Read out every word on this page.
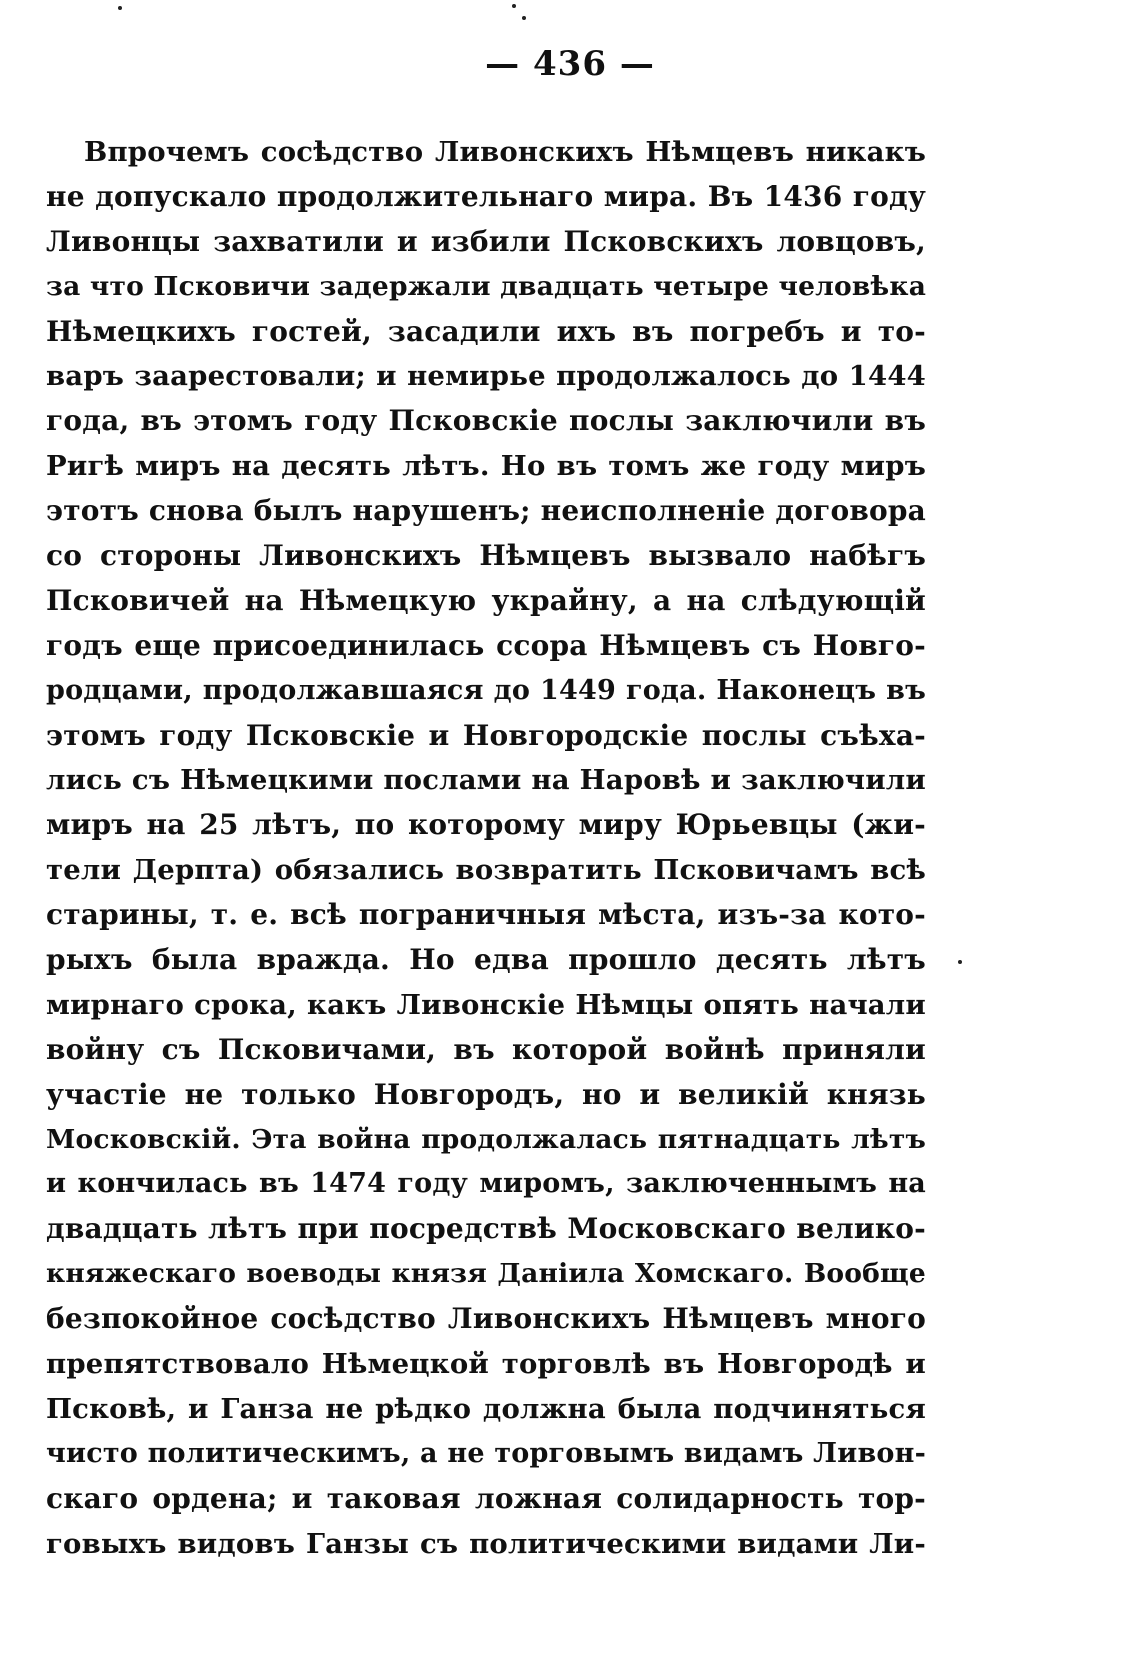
— 436 —
Впрочемъ сосѣдство Ливонскихъ Нѣмцевъ никакъ
не допускало продолжительнаго мира. Въ 1436 году
Ливонцы захватили и избили Псковскихъ ловцовъ,
за что Псковичи задержали двадцать четыре человѣка
Нѣмецкихъ гостей, засадили ихъ въ погребъ и то-
варъ заарестовали; и немирье продолжалось до 1444
года, въ этомъ году Псковскіе послы заключили въ
Ригѣ миръ на десять лѣтъ. Но въ томъ же году миръ
этотъ снова былъ нарушенъ; неисполненіе договора
со стороны Ливонскихъ Нѣмцевъ вызвало набѣгъ
Псковичей на Нѣмецкую украйну, а на слѣдующій
годъ еще присоединилась ссора Нѣмцевъ съ Новго-
родцами, продолжавшаяся до 1449 года. Наконецъ въ
этомъ году Псковскіе и Новгородскіе послы съѣха-
лись съ Нѣмецкими послами на Наровѣ и заключили
миръ на 25 лѣтъ, по которому миру Юрьевцы (жи-
тели Дерпта) обязались возвратить Псковичамъ всѣ
старины, т. е. всѣ пограничныя мѣста, изъ-за кото-
рыхъ была вражда. Но едва прошло десять лѣтъ
мирнаго срока, какъ Ливонскіе Нѣмцы опять начали
войну съ Псковичами, въ которой войнѣ приняли
участіе не только Новгородъ, но и великій князь
Московскій. Эта война продолжалась пятнадцать лѣтъ
и кончилась въ 1474 году миромъ, заключеннымъ на
двадцать лѣтъ при посредствѣ Московскаго велико-
княжескаго воеводы князя Даніила Хомскаго. Вообще
безпокойное сосѣдство Ливонскихъ Нѣмцевъ много
препятствовало Нѣмецкой торговлѣ въ Новгородѣ и
Псковѣ, и Ганза не рѣдко должна была подчиняться
чисто политическимъ, а не торговымъ видамъ Ливон-
скаго ордена; и таковая ложная солидарность тор-
говыхъ видовъ Ганзы съ политическими видами Ли-
